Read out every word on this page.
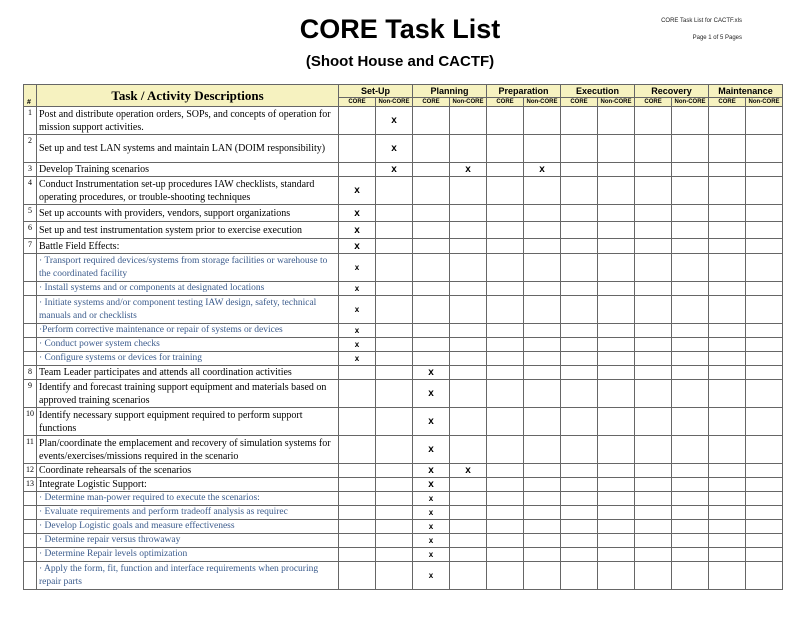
CORE Task List
(Shoot House and CACTF)
CORE Task List for CACTF.xls
Page 1 of 5 Pages
#	Task / Activity Descriptions	Set-Up		Planning		Preparation		Execution		Recovery		Maintenance	
		CORE	Non-CORE	CORE	Non-CORE	CORE	Non-CORE	CORE	Non-CORE	CORE	Non-CORE	CORE	Non-CORE
1	Post and distribute operation orders, SOPs, and concepts of operation for mission support activities.		x										
2	Set up and test LAN systems and maintain LAN (DOIM responsibility)		x										
3	Develop Training scenarios		x		x		x						
4	Conduct Instrumentation set-up procedures IAW checklists, standard operating procedures, or trouble-shooting techniques	x											
5	Set up accounts with providers, vendors, support organizations	x											
6	Set up and test instrumentation system prior to exercise execution	x											
7	Battle Field Effects:	x											
	· Transport required devices/systems from storage facilities or warehouse to the coordinated facility	x											
	· Install systems and or components at designated locations	x											
	· Initiate systems and/or component testing IAW design, safety, technical manuals and or checklists	x											
	·Perform corrective maintenance or repair of systems or devices	x											
	· Conduct power system checks	x											
	· Configure systems or devices for training	x											
8	Team Leader participates and attends all coordination activities			x									
9	Identify and forecast training support equipment and materials based on approved training scenarios			x									
10	Identify necessary support equipment required to perform support functions			x									
11	Plan/coordinate the emplacement and recovery of simulation systems for events/exercises/missions required in the scenario			x									
12	Coordinate rehearsals of the scenarios			x	x								
13	Integrate Logistic Support:			x									
	· Determine man-power required to execute the scenarios:			x									
	· Evaluate requirements and perform tradeoff analysis as requirec			x									
	· Develop Logistic goals and measure effectiveness			x									
	· Determine repair versus throwaway			x									
	· Determine Repair levels optimization			x									
	· Apply the form, fit, function and interface requirements when procuring repair parts			x									
